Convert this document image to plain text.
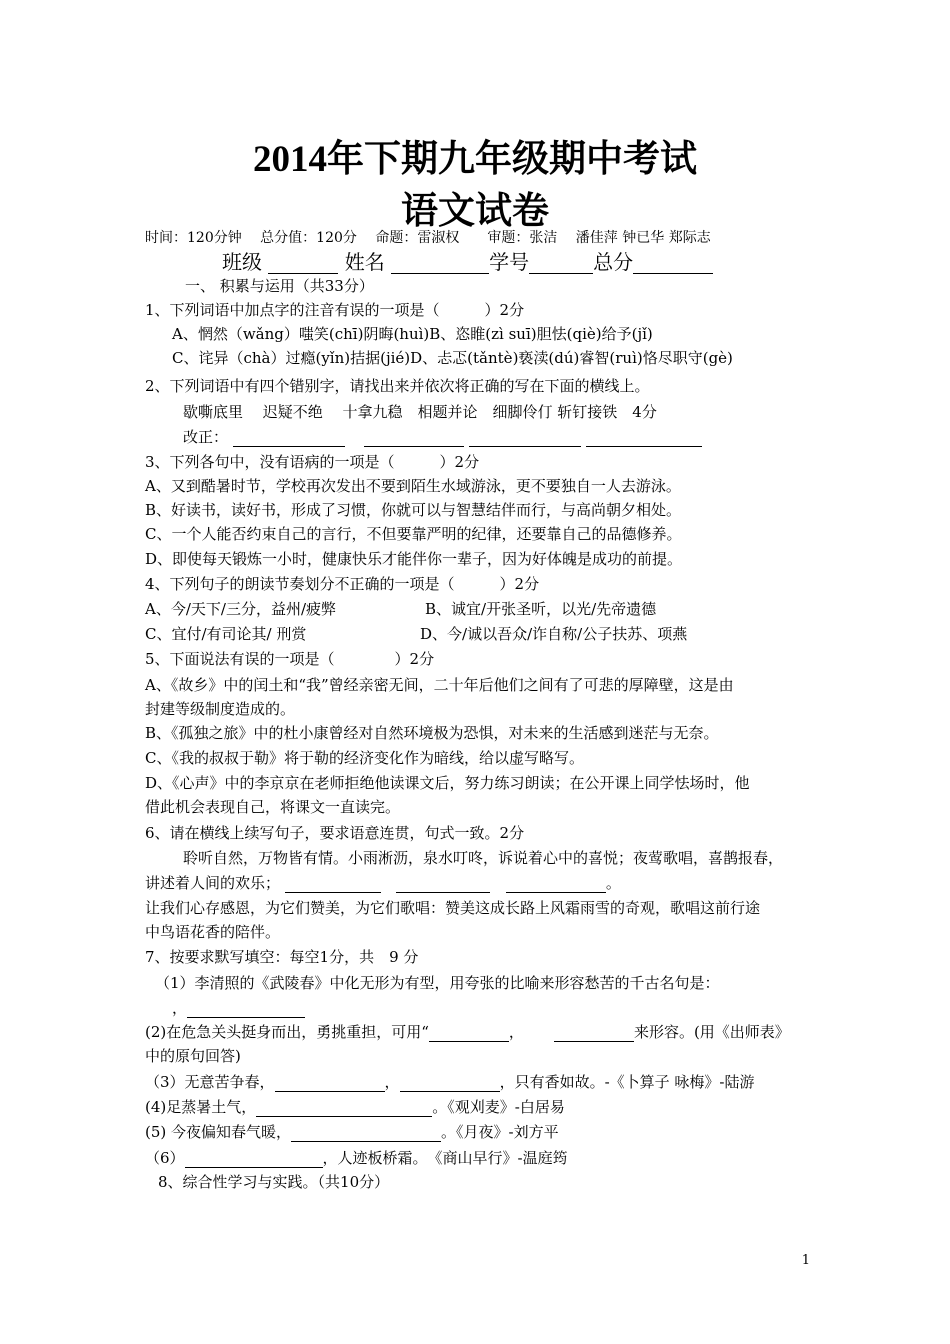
2014年下期九年级期中考试
语文试卷
时间：120分钟　 总分值：120分　 命题：雷淑权　　审题：张洁　 潘佳萍 钟已华 郑际志
班级	姓名	学号	总分
一、 积累与运用（共33分）
1、下列词语中加点字的注音有误的一项是（　　　）2分
A、惘然（wǎng）嗤笑(chī)阴晦(huì)B、恣睢(zì suī)胆怯(qiè)给予(jǐ)
C、诧异（chà）过瘾(yǐn)拮据(jié)D、忐忑(tǎntè)亵渎(dú)睿智(ruì)恪尽职守(gè)
2、下列词语中有四个错别字，请找出来并依次将正确的写在下面的横线上。
歇嘶底里　 迟疑不绝　 十拿九稳　相题并论　细脚伶仃 斩钉接铁　4分
改正：
3、下列各句中，没有语病的一项是（　　　）2分
A、又到酷暑时节，学校再次发出不要到陌生水域游泳，更不要独自一人去游泳。
B、好读书，读好书，形成了习惯，你就可以与智慧结伴而行，与高尚朝夕相处。
C、一个人能否约束自己的言行，不但要靠严明的纪律，还要靠自己的品德修养。
D、即使每天锻炼一小时，健康快乐才能伴你一辈子，因为好体魄是成功的前提。
4、下列句子的朗读节奏划分不正确的一项是（　　　）2分
A、今/天下/三分，益州/疲弊	B、诚宜/开张圣听，以光/先帝遗德
C、宜付/有司论其/ 刑赏	D、今/诚以吾众/诈自称/公子扶苏、项燕
5、下面说法有误的一项是（　　　　）2分
A、《故乡》中的闰土和“我”曾经亲密无间，二十年后他们之间有了可悲的厚障壁，这是由
封建等级制度造成的。
B、《孤独之旅》中的杜小康曾经对自然环境极为恐惧，对未来的生活感到迷茫与无奈。
C、《我的叔叔于勒》将于勒的经济变化作为暗线，给以虚写略写。
D、《心声》中的李京京在老师拒绝他读课文后，努力练习朗读；在公开课上同学怯场时，他
借此机会表现自己，将课文一直读完。
6、请在横线上续写句子，要求语意连贯，句式一致。2分
聆听自然，万物皆有情。小雨淅沥，泉水叮咚，诉说着心中的喜悦；夜莺歌唱，喜鹊报春，
讲述着人间的欢乐；	。
让我们心存感恩，为它们赞美，为它们歌唱：赞美这成长路上风霜雨雪的奇观，歌唱这前行途
中鸟语花香的陪伴。
7、按要求默写填空：每空1分，共　9 分
（1）李清照的《武陵春》中化无形为有型，用夸张的比喻来形容愁苦的千古名句是：
，
(2)在危急关头挺身而出，勇挑重担，可用“	，	来形容。(用《出师表》
中的原句回答)
（3）无意苦争春，	，	，只有香如故。-《卜算子 咏梅》-陆游
(4)足蒸暑土气，	。《观刈麦》-白居易
(5) 今夜偏知春气暖，	。《月夜》-刘方平
（6）	，人迹板桥霜。　《商山早行》-温庭筠
8、综合性学习与实践。（共10分）
1
